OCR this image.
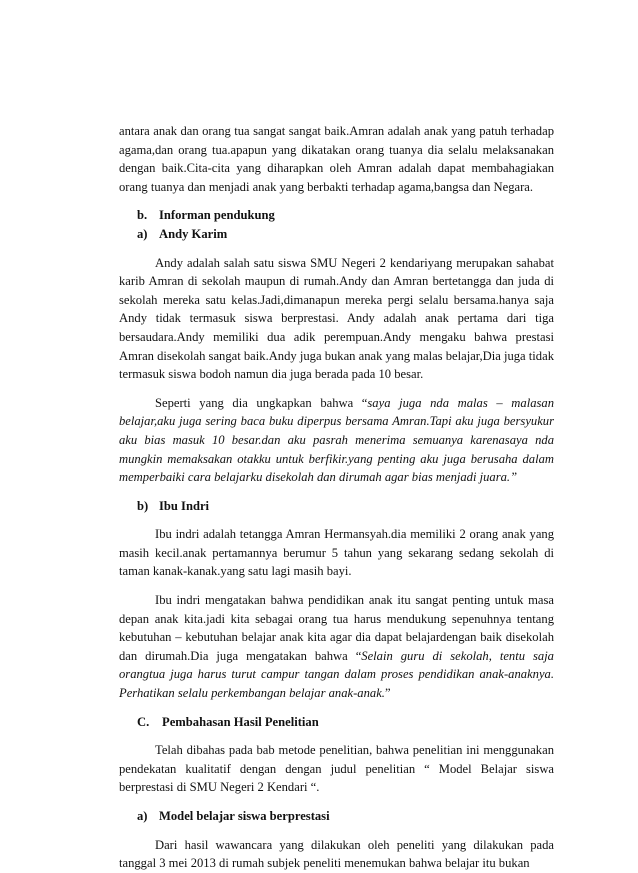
antara anak dan orang tua sangat sangat baik.Amran adalah anak yang patuh terhadap agama,dan orang tua.apapun yang dikatakan orang tuanya dia selalu melaksanakan dengan baik.Cita-cita yang diharapkan oleh Amran adalah dapat membahagiakan orang tuanya dan menjadi anak yang berbakti terhadap agama,bangsa dan Negara.

b. Informan pendukung

a) Andy Karim

Andy adalah salah satu siswa SMU Negeri 2 kendariyang merupakan sahabat karib Amran di sekolah maupun di rumah.Andy dan Amran bertetangga dan juda di sekolah mereka satu kelas.Jadi,dimanapun mereka pergi selalu bersama.hanya saja Andy tidak termasuk siswa berprestasi. Andy adalah anak pertama dari tiga bersaudara.Andy memiliki dua adik perempuan.Andy mengaku bahwa prestasi Amran disekolah sangat baik.Andy juga bukan anak yang malas belajar,Dia juga tidak termasuk siswa bodoh namun dia juga berada pada 10 besar.

Seperti yang dia ungkapkan bahwa “saya juga nda malas – malasan belajar,aku juga sering baca buku diperpus bersama Amran.Tapi aku juga bersyukur aku bias masuk 10 besar.dan aku pasrah menerima semuanya karenasaya nda mungkin memaksakan otakku untuk berfikir.yang penting aku juga berusaha dalam memperbaiki cara belajarku disekolah dan dirumah agar bias menjadi juara.”

b) Ibu Indri

Ibu indri adalah tetangga Amran Hermansyah.dia memiliki 2 orang anak yang masih kecil.anak pertamannya berumur 5 tahun yang sekarang sedang sekolah di taman kanak-kanak.yang satu lagi masih bayi.

Ibu indri mengatakan bahwa pendidikan anak itu sangat penting untuk masa depan anak kita.jadi kita sebagai orang tua harus mendukung sepenuhnya tentang kebutuhan – kebutuhan belajar anak kita agar dia dapat belajardengan baik disekolah dan dirumah.Dia juga mengatakan bahwa “Selain guru di sekolah, tentu saja orangtua juga harus turut campur tangan dalam proses pendidikan anak-anaknya. Perhatikan selalu perkembangan belajar anak-anak.”

C. Pembahasan Hasil Penelitian

Telah dibahas pada bab metode penelitian, bahwa penelitian ini menggunakan pendekatan kualitatif dengan dengan judul penelitian “ Model Belajar siswa berprestasi di SMU Negeri 2 Kendari “.

a) Model belajar siswa berprestasi

Dari hasil wawancara yang dilakukan oleh peneliti yang dilakukan pada tanggal 3 mei 2013 di rumah subjek peneliti menemukan bahwa belajar itu bukan
